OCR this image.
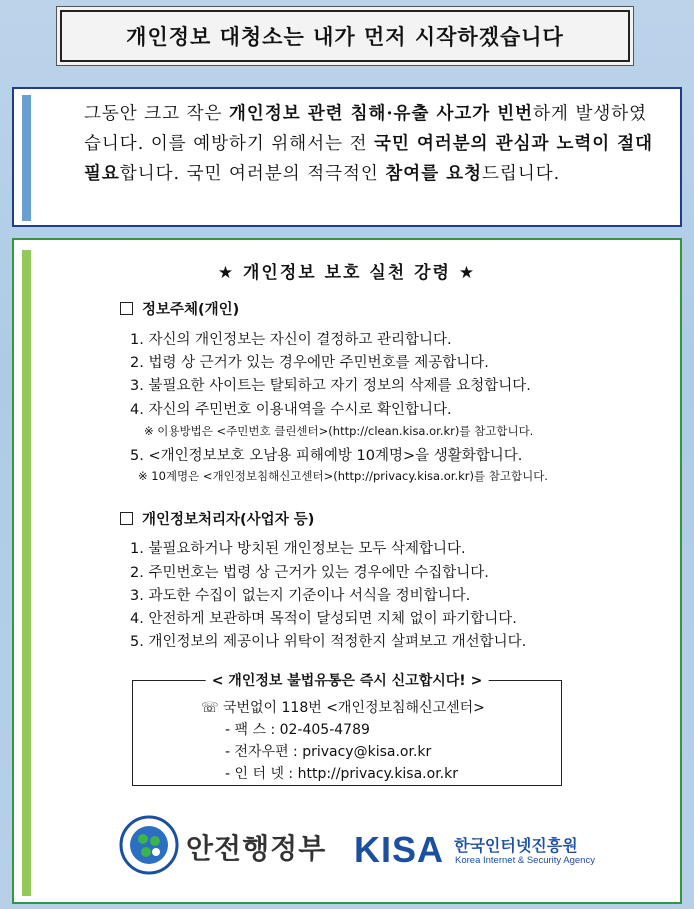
개인정보 대청소는 내가 먼저 시작하겠습니다
그동안 크고 작은 개인정보 관련 침해·유출 사고가 빈번하게 발생하였습니다. 이를 예방하기 위해서는 전 국민 여러분의 관심과 노력이 절대 필요합니다. 국민 여러분의 적극적인 참여를 요청드립니다.
★ 개인정보 보호 실천 강령 ★
정보주체(개인)
1. 자신의 개인정보는 자신이 결정하고 관리합니다.
2. 법령 상 근거가 있는 경우에만 주민번호를 제공합니다.
3. 불필요한 사이트는 탈퇴하고 자기 정보의 삭제를 요청합니다.
4. 자신의 주민번호 이용내역을 수시로 확인합니다.
※ 이용방법은 <주민번호 클린센터>(http://clean.kisa.or.kr)를 참고합니다.
5. <개인정보보호 오남용 피해예방 10계명>을 생활화합니다.
※ 10계명은 <개인정보침해신고센터>(http://privacy.kisa.or.kr)를 참고합니다.
개인정보처리자(사업자 등)
1. 불필요하거나 방치된 개인정보는 모두 삭제합니다.
2. 주민번호는 법령 상 근거가 있는 경우에만 수집합니다.
3. 과도한 수집이 없는지 기준이나 서식을 정비합니다.
4. 안전하게 보관하며 목적이 달성되면 지체 없이 파기합니다.
5. 개인정보의 제공이나 위탁이 적정한지 살펴보고 개선합니다.
< 개인정보 불법유통은 즉시 신고합시다! >
☏ 국번없이 118번 <개인정보침해신고센터>
- 팩 스 : 02-405-4789
- 전자우편 : privacy@kisa.or.kr
- 인 터 넷 : http://privacy.kisa.or.kr
안전행정부 KISA 한국인터넷진흥원
Korea Internet & Security Agency
